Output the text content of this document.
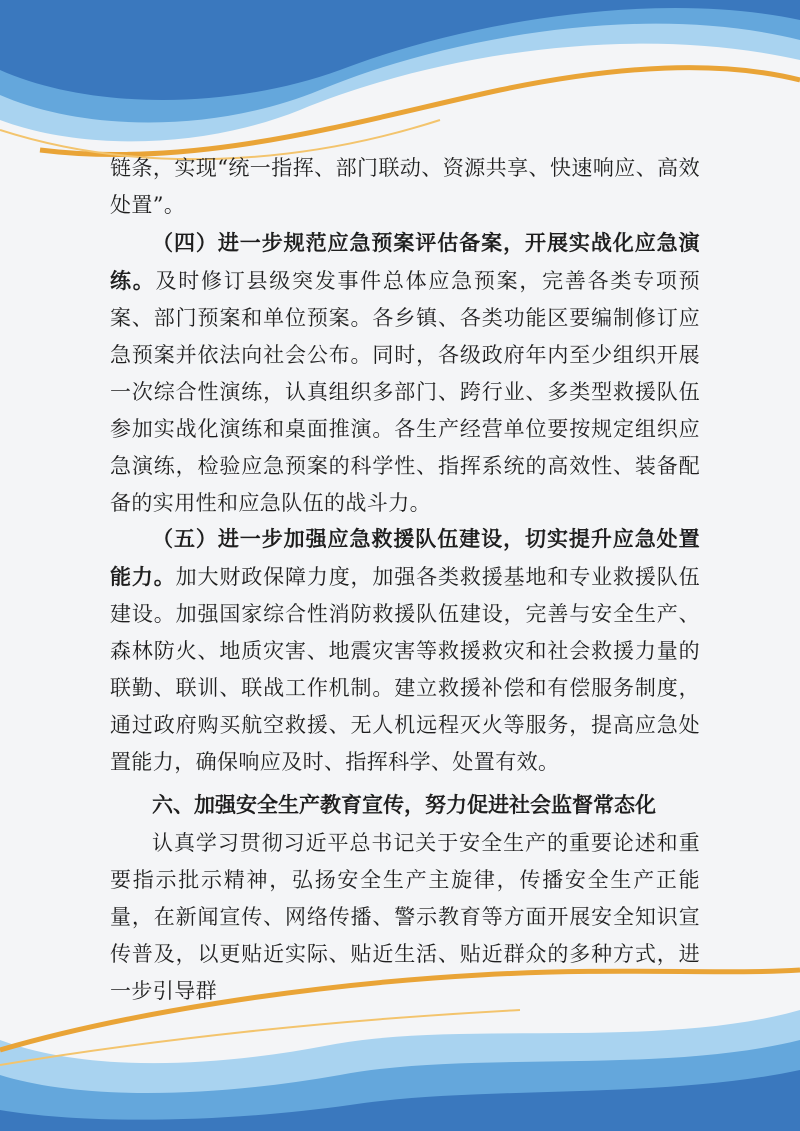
链条，实现“统一指挥、部门联动、资源共享、快速响应、高效处置”。
（四）进一步规范应急预案评估备案，开展实战化应急演练。及时修订县级突发事件总体应急预案，完善各类专项预案、部门预案和单位预案。各乡镇、各类功能区要编制修订应急预案并依法向社会公布。同时，各级政府年内至少组织开展一次综合性演练，认真组织多部门、跨行业、多类型救援队伍参加实战化演练和桌面推演。各生产经营单位要按规定组织应急演练，检验应急预案的科学性、指挥系统的高效性、装备配备的实用性和应急队伍的战斗力。
（五）进一步加强应急救援队伍建设，切实提升应急处置能力。加大财政保障力度，加强各类救援基地和专业救援队伍建设。加强国家综合性消防救援队伍建设，完善与安全生产、森林防火、地质灾害、地震灾害等救援救灾和社会救援力量的联勤、联训、联战工作机制。建立救援补偿和有偿服务制度，通过政府购买航空救援、无人机远程灭火等服务，提高应急处置能力，确保响应及时、指挥科学、处置有效。
六、加强安全生产教育宣传，努力促进社会监督常态化
认真学习贯彻习近平总书记关于安全生产的重要论述和重要指示批示精神，弘扬安全生产主旋律，传播安全生产正能量，在新闻宣传、网络传播、警示教育等方面开展安全知识宣传普及，以更贴近实际、贴近生活、贴近群众的多种方式，进一步引导群
